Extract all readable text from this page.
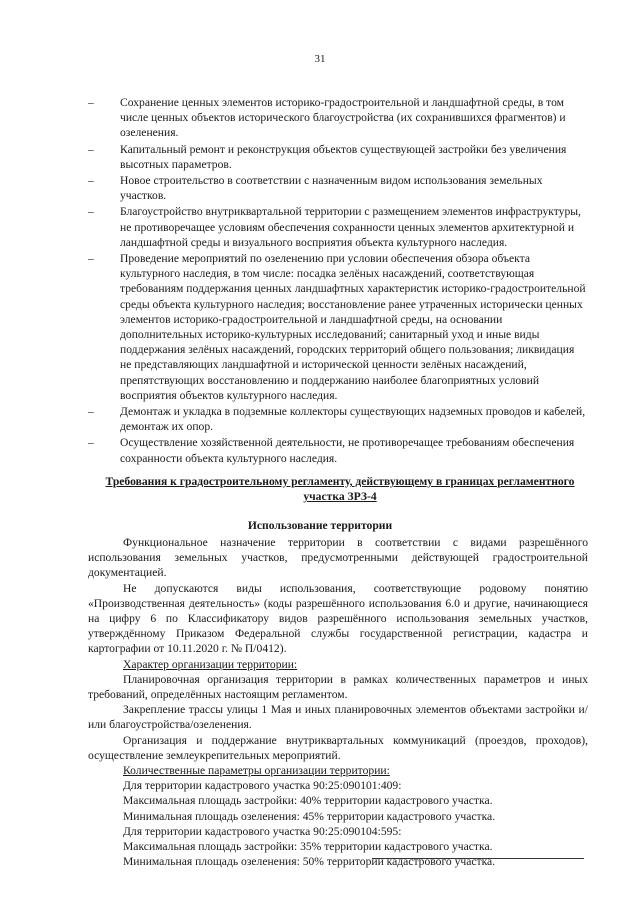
31
– Сохранение ценных элементов историко-градостроительной и ландшафтной среды, в том числе ценных объектов исторического благоустройства (их сохранившихся фрагментов) и озеленения.
– Капитальный ремонт и реконструкция объектов существующей застройки без увеличения высотных параметров.
– Новое строительство в соответствии с назначенным видом использования земельных участков.
– Благоустройство внутриквартальной территории с размещением элементов инфраструктуры, не противоречащее условиям обеспечения сохранности ценных элементов архитектурной и ландшафтной среды и визуального восприятия объекта культурного наследия.
– Проведение мероприятий по озеленению при условии обеспечения обзора объекта культурного наследия, в том числе: посадка зелёных насаждений, соответствующая требованиям поддержания ценных ландшафтных характеристик историко-градостроительной среды объекта культурного наследия; восстановление ранее утраченных исторически ценных элементов историко-градостроительной и ландшафтной среды, на основании дополнительных историко-культурных исследований; санитарный уход и иные виды поддержания зелёных насаждений, городских территорий общего пользования; ликвидация не представляющих ландшафтной и исторической ценности зелёных насаждений, препятствующих восстановлению и поддержанию наиболее благоприятных условий восприятия объектов культурного наследия.
– Демонтаж и укладка в подземные коллекторы существующих надземных проводов и кабелей, демонтаж их опор.
– Осуществление хозяйственной деятельности, не противоречащее требованиям обеспечения сохранности объекта культурного наследия.
Требования к градостроительному регламенту, действующему в границах регламентного участка ЗРЗ-4
Использование территории

Функциональное назначение территории в соответствии с видами разрешённого использования земельных участков, предусмотренными действующей градостроительной документацией.

Не допускаются виды использования, соответствующие родовому понятию «Производственная деятельность» (коды разрешённого использования 6.0 и другие, начинающиеся на цифру 6 по Классификатору видов разрешённого использования земельных участков, утверждённому Приказом Федеральной службы государственной регистрации, кадастра и картографии от 10.11.2020 г. № П/0412).

Характер организации территории:

Планировочная организация территории в рамках количественных параметров и иных требований, определённых настоящим регламентом.

Закрепление трассы улицы 1 Мая и иных планировочных элементов объектами застройки и/или благоустройства/озеленения.

Организация и поддержание внутриквартальных коммуникаций (проездов, проходов), осуществление землеукрепительных мероприятий.

Количественные параметры организации территории:

Для территории кадастрового участка 90:25:090101:409:

Максимальная площадь застройки: 40% территории кадастрового участка.

Минимальная площадь озеленения: 45% территории кадастрового участка.

Для территории кадастрового участка 90:25:090104:595:

Максимальная площадь застройки: 35% территории кадастрового участка.

Минимальная площадь озеленения: 50% территории кадастрового участка.
